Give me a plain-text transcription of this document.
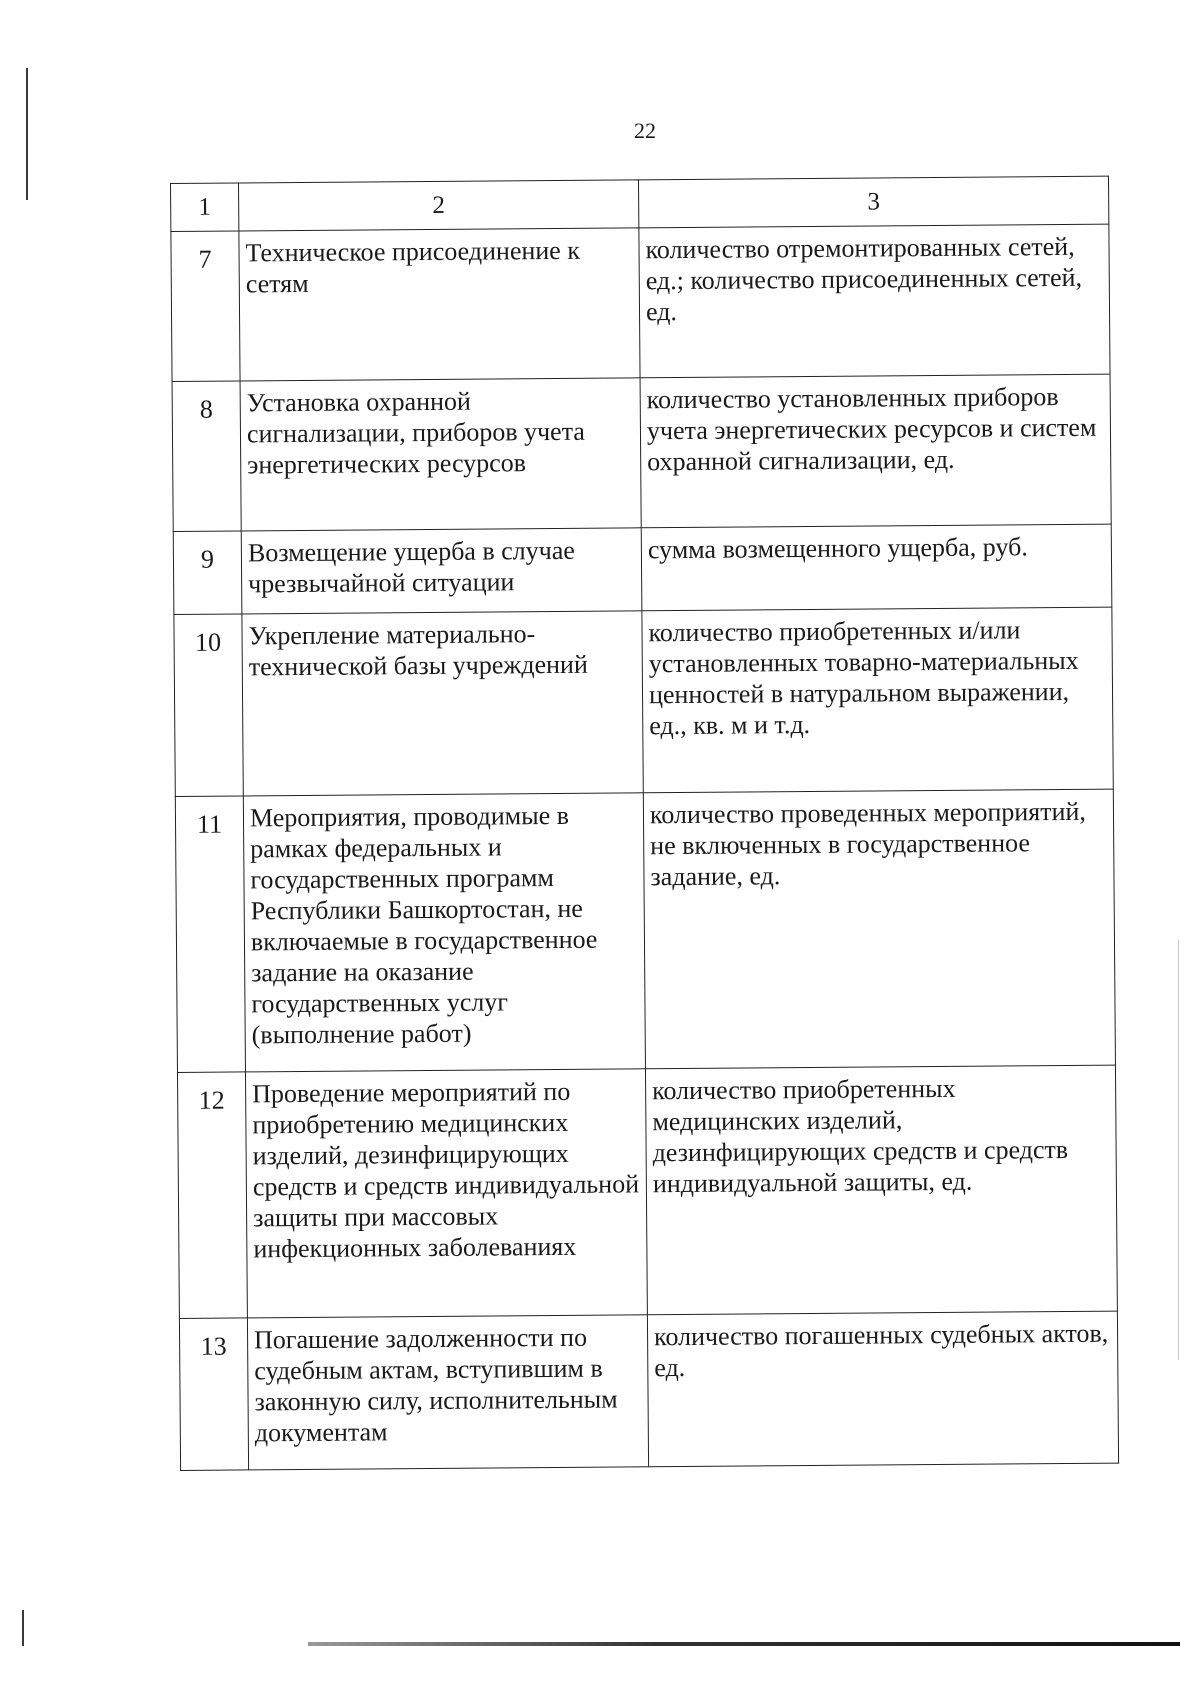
22
1	2	3
7	Техническое присоединение к сетям	количество отремонтированных сетей, ед.; количество присоединенных сетей, ед.
8	Установка охранной сигнализации, приборов учета энергетических ресурсов	количество установленных приборов учета энергетических ресурсов и систем охранной сигнализации, ед.
9	Возмещение ущерба в случае чрезвычайной ситуации	сумма возмещенного ущерба, руб.
10	Укрепление материально-технической базы учреждений	количество приобретенных и/или установленных товарно-материальных ценностей в натуральном выражении, ед., кв. м и т.д.
11	Мероприятия, проводимые в рамках федеральных и государственных программ Республики Башкортостан, не включаемые в государственное задание на оказание государственных услуг (выполнение работ)	количество проведенных мероприятий, не включенных в государственное задание, ед.
12	Проведение мероприятий по приобретению медицинских изделий, дезинфицирующих средств и средств индивидуальной защиты при массовых инфекционных заболеваниях	количество приобретенных медицинских изделий, дезинфицирующих средств и средств индивидуальной защиты, ед.
13	Погашение задолженности по судебным актам, вступившим в законную силу, исполнительным документам	количество погашенных судебных актов, ед.
